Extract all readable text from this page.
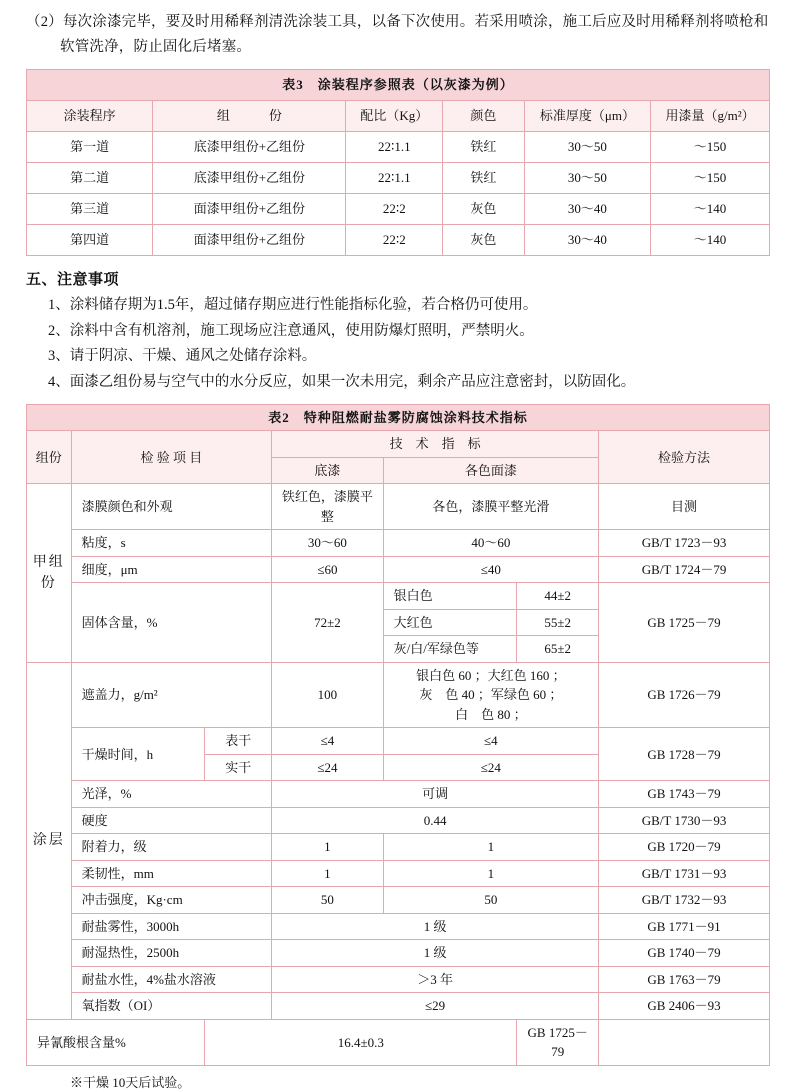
（2）每次涂漆完毕，要及时用稀释剂清洗涂装工具，以备下次使用。若采用喷涂，施工后应及时用稀释剂将喷枪和软管洗净，防止固化后堵塞。

表3　涂装程序参照表（以灰漆为例）					
涂装程序	组　　　份	配比（Kg）	颜色	标准厚度（μm）	用漆量（g/m²）
第一道	底漆甲组份+乙组份	22∶1.1	铁红	30～50	～150
第二道	底漆甲组份+乙组份	22∶1.1	铁红	30～50	～150
第三道	面漆甲组份+乙组份	22∶2	灰色	30～40	～140
第四道	面漆甲组份+乙组份	22∶2	灰色	30～40	～140
五、注意事项
1、涂料储存期为1.5年，超过储存期应进行性能指标化验，若合格仍可使用。
2、涂料中含有机溶剂，施工现场应注意通风，使用防爆灯照明，严禁明火。
3、请于阴凉、干燥、通风之处储存涂料。
4、面漆乙组份易与空气中的水分反应，如果一次未用完，剩余产品应注意密封，以防固化。
表2　特种阻燃耐盐雾防腐蚀涂料技术指标						
组份	检 验 项 目		技　术　指　标			检验方法
			底漆	各色面漆		
甲组份	漆膜颜色和外观		铁红色，漆膜平整	各色，漆膜平整光滑		目测
	粘度，s		30～60	40～60		GB/T 1723－93
	细度，μm		≤60	≤40		GB/T 1724－79
	固体含量，%		72±2	银白色	44±2	GB 1725－79
				大红色	55±2	
				灰/白/军绿色等	65±2	
涂层	遮盖力，g/m²		100	银白色 60 ；大红色 160 ；
灰　色 40 ；军绿色 60 ；
白　色 80 ；		GB 1726－79
	干燥时间，h	表干	≤4	≤4		GB 1728－79
		实干	≤24	≤24		
	光泽，%		可调			GB 1743－79
	硬度		0.44			GB/T 1730－93
	附着力，级		1	1		GB 1720－79
	柔韧性，mm		1	1		GB/T 1731－93
	冲击强度，Kg·cm		50	50		GB/T 1732－93
	耐盐雾性，3000h		1 级			GB 1771－91
	耐湿热性，2500h		1 级			GB 1740－79
	耐盐水性，4%盐水溶液		＞3 年			GB 1763－79
	氧指数（OI）		≤29			GB 2406－93
异氰酸根含量%		16.4±0.3			GB 1725－79	
※干燥 10天后试验。
